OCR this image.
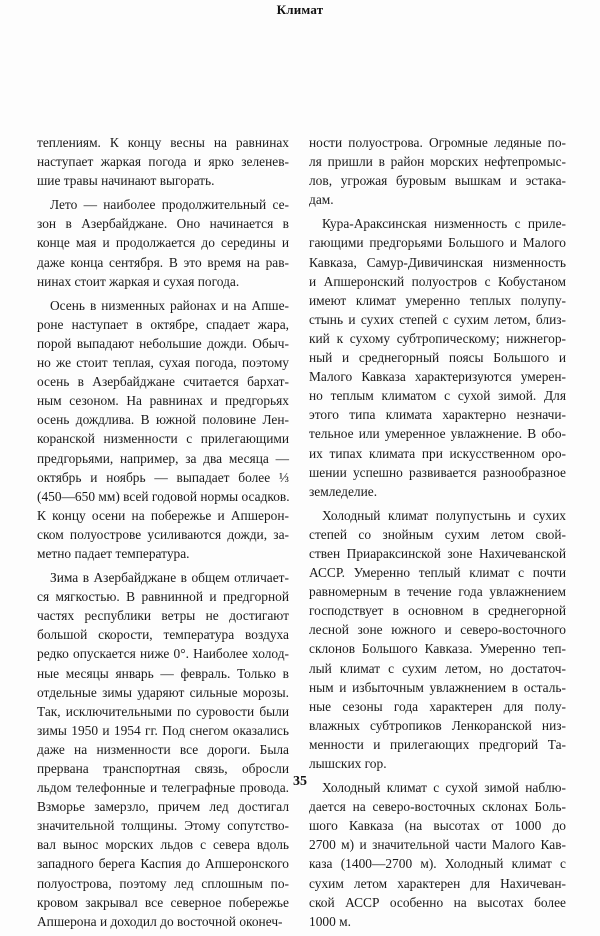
Климат
теплениям. К концу весны на равнинах
наступает жаркая погода и ярко зеленев-
шие травы начинают выгорать.
Лето — наиболее продолжительный се-
зон в Азербайджане. Оно начинается в
конце мая и продолжается до середины и
даже конца сентября. В это время на рав-
нинах стоит жаркая и сухая погода.
Осень в низменных районах и на Апше-
роне наступает в октябре, спадает жара,
порой выпадают небольшие дожди. Обыч-
но же стоит теплая, сухая погода, поэтому
осень в Азербайджане считается бархат-
ным сезоном. На равнинах и предгорьях
осень дождлива. В южной половине Лен-
коранской низменности с прилегающими
предгорьями, например, за два месяца —
октябрь и ноябрь — выпадает более ⅓
(450—650 мм) всей годовой нормы осадков.
К концу осени на побережье и Апшерон-
ском полуострове усиливаются дожди, за-
метно падает температура.
Зима в Азербайджане в общем отличает-
ся мягкостью. В равнинной и предгорной
частях республики ветры не достигают
большой скорости, температура воздуха
редко опускается ниже 0°. Наиболее холод-
ные месяцы январь — февраль. Только в
отдельные зимы ударяют сильные морозы.
Так, исключительными по суровости были
зимы 1950 и 1954 гг. Под снегом оказались
даже на низменности все дороги. Была
прервана транспортная связь, обросли
льдом телефонные и телеграфные провода.
Взморье замерзло, причем лед достигал
значительной толщины. Этому сопутство-
вал вынос морских льдов с севера вдоль
западного берега Каспия до Апшеронского
полуострова, поэтому лед сплошным по-
кровом закрывал все северное побережье
Апшерона и доходил до восточной оконеч-
ности полуострова. Огромные ледяные по-
ля пришли в район морских нефтепромыс-
лов, угрожая буровым вышкам и эстака-
дам.
Кура-Араксинская низменность с приле-
гающими предгорьями Большого и Малого
Кавказа, Самур-Дивичинская низменность
и Апшеронский полуостров с Кобустаном
имеют климат умеренно теплых полупу-
стынь и сухих степей с сухим летом, близ-
кий к сухому субтропическому; нижнегор-
ный и среднегорный поясы Большого и
Малого Кавказа характеризуются умерен-
но теплым климатом с сухой зимой. Для
этого типа климата характерно незначи-
тельное или умеренное увлажнение. В обо-
их типах климата при искусственном оро-
шении успешно развивается разнообразное
земледелие.
Холодный климат полупустынь и сухих
степей со знойным сухим летом свой-
ствен Приараксинской зоне Нахичеванской
АССР. Умеренно теплый климат с почти
равномерным в течение года увлажнением
господствует в основном в среднегорной
лесной зоне южного и северо-восточного
склонов Большого Кавказа. Умеренно теп-
лый климат с сухим летом, но достаточ-
ным и избыточным увлажнением в осталь-
ные сезоны года характерен для полу-
влажных субтропиков Ленкоранской низ-
менности и прилегающих предгорий Та-
лышских гор.
Холодный климат с сухой зимой наблю-
дается на северо-восточных склонах Боль-
шого Кавказа (на высотах от 1000 до
2700 м) и значительной части Малого Кав-
каза (1400—2700 м). Холодный климат с
сухим летом характерен для Нахичеван-
ской АССР особенно на высотах более
1000 м.
35
